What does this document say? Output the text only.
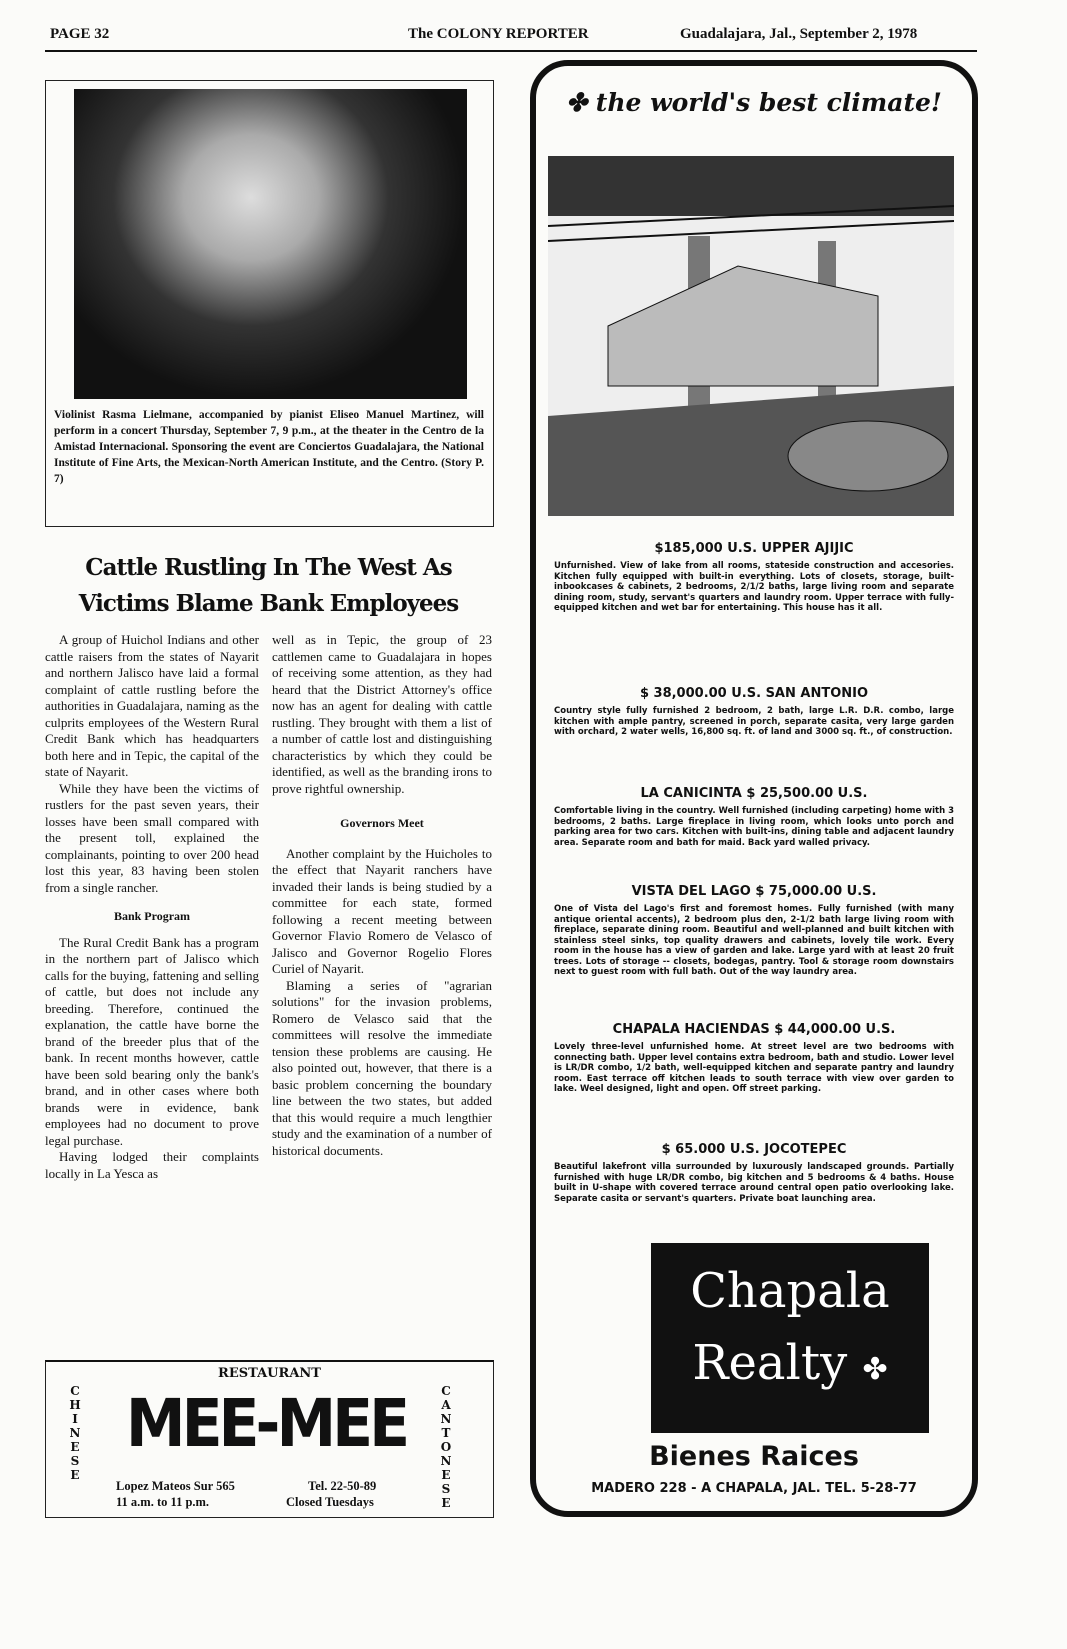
PAGE 32	The COLONY REPORTER	Guadalajara, Jal., September 2, 1978
Violinist Rasma Lielmane, accompanied by pianist Eliseo Manuel Martinez, will perform in a concert Thursday, September 7, 9 p.m., at the theater in the Centro de la Amistad Internacional. Sponsoring the event are Conciertos Guadalajara, the National Institute of Fine Arts, the Mexican-North American Institute, and the Centro. (Story P. 7)
Cattle Rustling In The West As Victims Blame Bank Employees

A group of Huichol Indians and other cattle raisers from the states of Nayarit and northern Jalisco have laid a formal complaint of cattle rustling before the authorities in Guadalajara, naming as the culprits employees of the Western Rural Credit Bank which has headquarters both here and in Tepic, the capital of the state of Nayarit.

While they have been the victims of rustlers for the past seven years, their losses have been small compared with the present toll, explained the complainants, pointing to over 200 head lost this year, 83 having been stolen from a single rancher.

Bank Program

The Rural Credit Bank has a program in the northern part of Jalisco which calls for the buying, fattening and selling of cattle, but does not include any breeding. Therefore, continued the explanation, the cattle have borne the brand of the breeder plus that of the bank. In recent months however, cattle have been sold bearing only the bank's brand, and in other cases where both brands were in evidence, bank employees had no document to prove legal purchase.

Having lodged their complaints locally in La Yesca as

well as in Tepic, the group of 23 cattlemen came to Guadalajara in hopes of receiving some attention, as they had heard that the District Attorney's office now has an agent for dealing with cattle rustling. They brought with them a list of a number of cattle lost and distinguishing characteristics by which they could be identified, as well as the branding irons to prove rightful ownership.

Governors Meet

Another complaint by the Huicholes to the effect that Nayarit ranchers have invaded their lands is being studied by a committee for each state, formed following a recent meeting between Governor Flavio Romero de Velasco of Jalisco and Governor Rogelio Flores Curiel of Nayarit.

Blaming a series of "agrarian solutions" for the invasion problems, Romero de Velasco said that the committees will resolve the immediate tension these problems are causing. He also pointed out, however, that there is a basic problem concerning the boundary line between the two states, but added that this would require a much lengthier study and the examination of a number of historical documents.

RESTAURANT
CHINESE
CANTONESE
MEE-MEE
Lopez Mateos Sur 565	Tel. 22-50-89
11 a.m. to 11 p.m.	Closed Tuesdays
✤ the world's best climate!
$185,000 U.S. UPPER AJIJIC

Unfurnished. View of lake from all rooms, stateside construction and accesories. Kitchen fully equipped with built-in everything. Lots of closets, storage, built-inbookcases & cabinets, 2 bedrooms, 2/1/2 baths, large living room and separate dining room, study, servant's quarters and laundry room. Upper terrace with fully-equipped kitchen and wet bar for entertaining. This house has it all.

$ 38,000.00 U.S. SAN ANTONIO

Country style fully furnished 2 bedroom, 2 bath, large L.R. D.R. combo, large kitchen with ample pantry, screened in porch, separate casita, very large garden with orchard, 2 water wells, 16,800 sq. ft. of land and 3000 sq. ft., of construction.

LA CANICINTA $ 25,500.00 U.S.

Comfortable living in the country. Well furnished (including carpeting) home with 3 bedrooms, 2 baths. Large fireplace in living room, which looks unto porch and parking area for two cars. Kitchen with built-ins, dining table and adjacent laundry area. Separate room and bath for maid. Back yard walled privacy.

VISTA DEL LAGO $ 75,000.00 U.S.

One of Vista del Lago's first and foremost homes. Fully furnished (with many antique oriental accents), 2 bedroom plus den, 2-1/2 bath large living room with fireplace, separate dining room. Beautiful and well-planned and built kitchen with stainless steel sinks, top quality drawers and cabinets, lovely tile work. Every room in the house has a view of garden and lake. Large yard with at least 20 fruit trees. Lots of storage -- closets, bodegas, pantry. Tool & storage room downstairs next to guest room with full bath. Out of the way laundry area.

CHAPALA HACIENDAS $ 44,000.00 U.S.

Lovely three-level unfurnished home. At street level are two bedrooms with connecting bath. Upper level contains extra bedroom, bath and studio. Lower level is LR/DR combo, 1/2 bath, well-equipped kitchen and separate pantry and laundry room. East terrace off kitchen leads to south terrace with view over garden to lake. Weel designed, light and open. Off street parking.

$ 65.000 U.S. JOCOTEPEC

Beautiful lakefront villa surrounded by luxurously landscaped grounds. Partially furnished with huge LR/DR combo, big kitchen and 5 bedrooms & 4 baths. House built in U-shape with covered terrace around central open patio overlooking lake. Separate casita or servant's quarters. Private boat launching area.

Chapala
Realty ✤
Bienes Raices
MADERO 228 - A CHAPALA, JAL. TEL. 5-28-77
